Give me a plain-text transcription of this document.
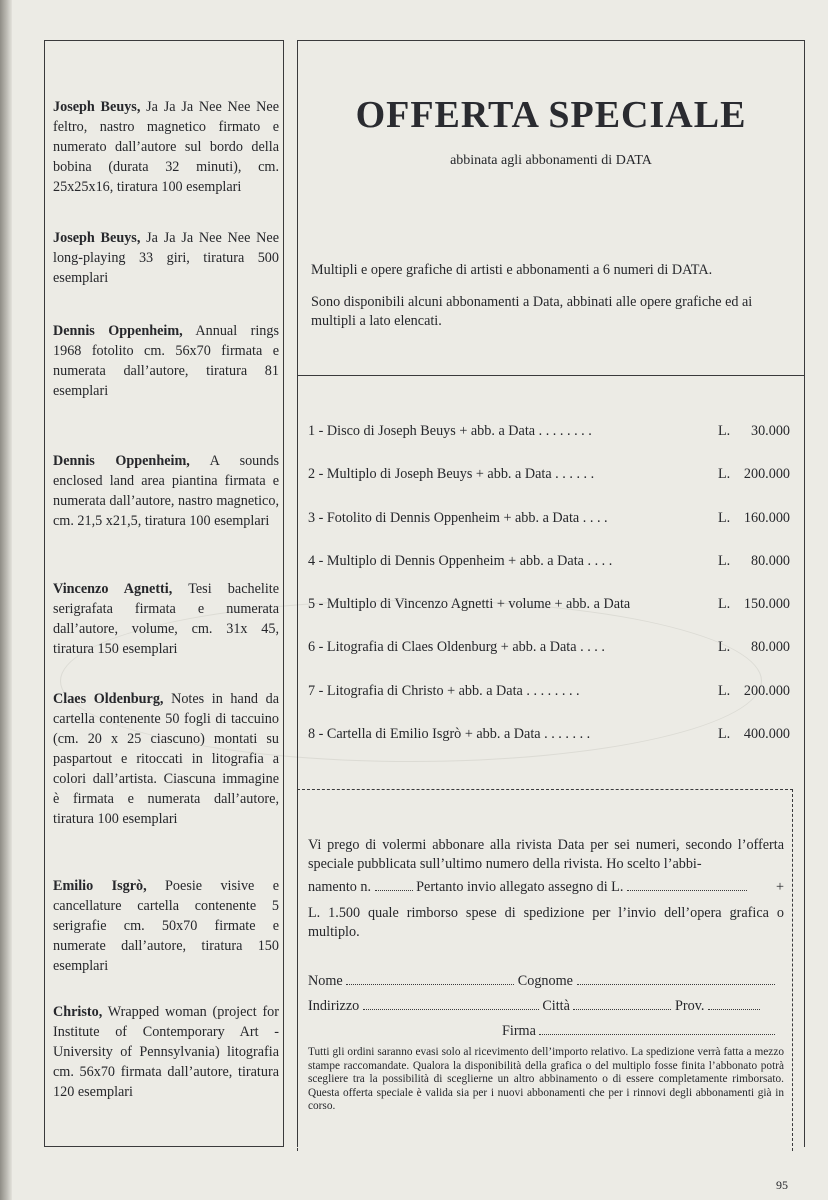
Joseph Beuys, Ja Ja Ja Nee Nee Nee feltro, nastro magnetico firmato e numerato dall’autore sul bordo della bobina (durata 32 minuti), cm. 25x25x16, tiratura 100 esemplari
Joseph Beuys, Ja Ja Ja Nee Nee Nee long-playing 33 giri, tiratura 500 esemplari
Dennis Oppenheim, Annual rings 1968 fotolito cm. 56x70 firmata e numerata dall’autore, tiratura 81 esemplari
Dennis Oppenheim, A sounds enclosed land area piantina firmata e numerata dall’autore, nastro magnetico, cm. 21,5 x21,5, tiratura 100 esemplari
Vincenzo Agnetti, Tesi bachelite serigrafata firmata e numerata dall’autore, volume, cm. 31x 45, tiratura 150 esemplari
Claes Oldenburg, Notes in hand da cartella contenente 50 fogli di taccuino (cm. 20 x 25 ciascuno) montati su paspartout e ritoccati in litografia a colori dall’artista. Ciascuna immagine è firmata e numerata dall’autore, tiratura 100 esemplari
Emilio Isgrò, Poesie visive e cancellature cartella contenente 5 serigrafie cm. 50x70 firmate e numerate dall’autore, tiratura 150 esemplari
Christo, Wrapped woman (project for Institute of Contemporary Art - University of Pennsylvania) litografia cm. 56x70 firmata dall’autore, tiratura 120 esemplari
OFFERTA SPECIALE
abbinata agli abbonamenti di DATA
Multipli e opere grafiche di artisti e abbonamenti a 6 numeri di DATA.
Sono disponibili alcuni abbonamenti a Data, abbinati alle opere grafiche ed ai multipli a lato elencati.
1 - Disco di Joseph Beuys + abb. a Data . . . . . . . .	L. 30.000
2 - Multiplo di Joseph Beuys + abb. a Data . . . . . .	L. 200.000
3 - Fotolito di Dennis Oppenheim + abb. a Data . . . .	L. 160.000
4 - Multiplo di Dennis Oppenheim + abb. a Data . . . .	L. 80.000
5 - Multiplo di Vincenzo Agnetti + volume + abb. a Data	L. 150.000
6 - Litografia di Claes Oldenburg + abb. a Data . . . .	L. 80.000
7 - Litografia di Christo + abb. a Data . . . . . . . .	L. 200.000
8 - Cartella di Emilio Isgrò + abb. a Data . . . . . . .	L. 400.000
Vi prego di volermi abbonare alla rivista Data per sei numeri, secondo l’offerta speciale pubblicata sull’ultimo numero della rivista. Ho scelto l’abbi-
namento n.	Pertanto invio allegato assegno di L.	+
L. 1.500 quale rimborso spese di spedizione per l’invio dell’opera grafica o multiplo.
Nome	Cognome
Indirizzo	Città	Prov.
Firma
Tutti gli ordini saranno evasi solo al ricevimento dell’importo relativo. La spedizione verrà fatta a mezzo stampe raccomandate. Qualora la disponibilità della grafica o del multiplo fosse finita l’abbonato potrà scegliere tra la possibilità di sceglierne un altro abbinamento o di essere completamente rimborsato. Questa offerta speciale è valida sia per i nuovi abbonamenti che per i rinnovi degli abbonamenti già in corso.
95
